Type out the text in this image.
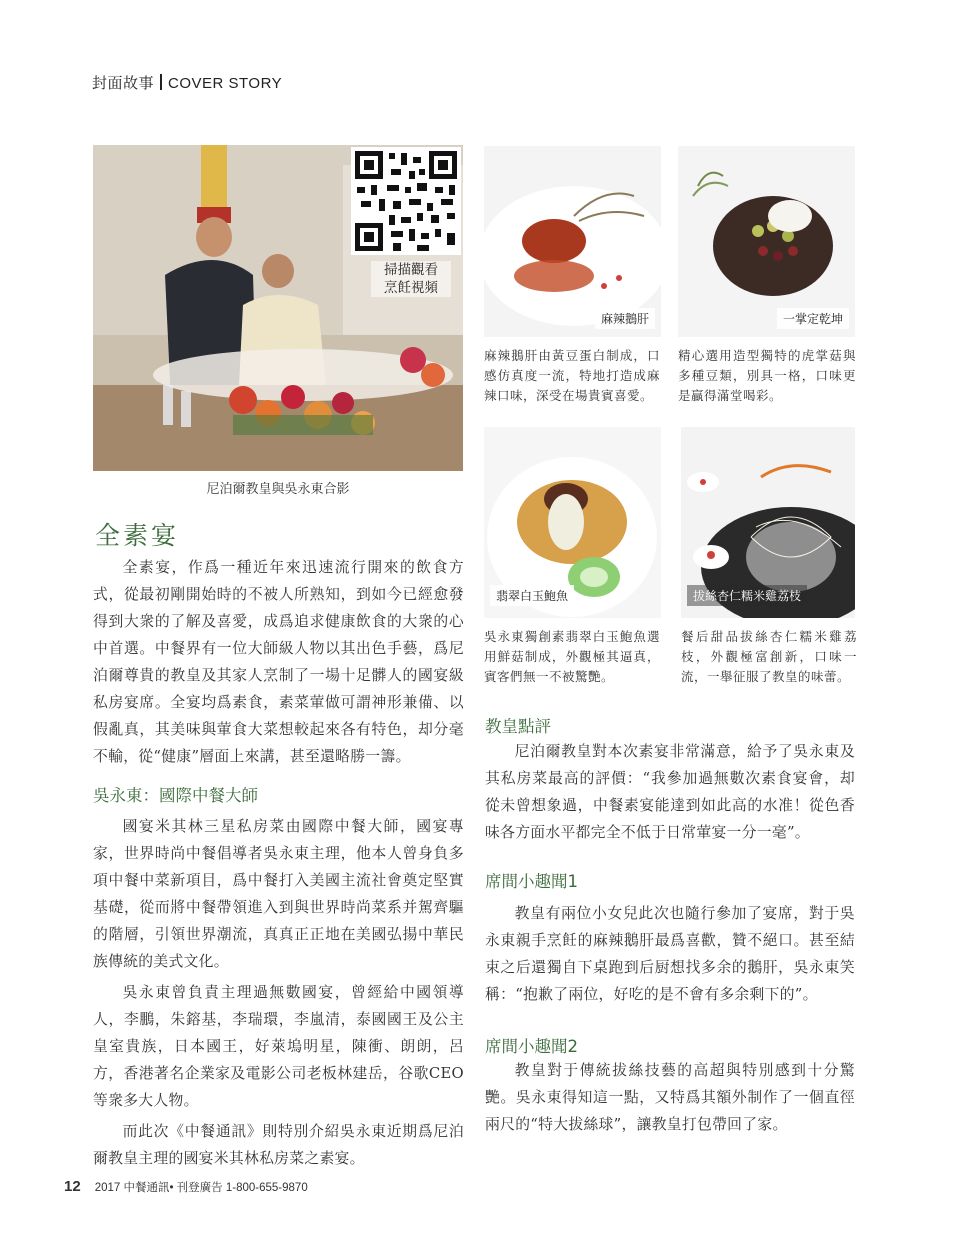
封面故事 COVER STORY
掃描觀看
烹飪視頻
尼泊爾教皇與吳永東合影
麻辣鵝肝
麻辣鵝肝由黃豆蛋白制成，口感仿真度一流，特地打造成麻辣口味，深受在場貴賓喜愛。
一掌定乾坤
精心選用造型獨特的虎掌菇與多種豆類，別具一格，口味更是贏得滿堂喝彩。
翡翠白玉鮑魚
吳永東獨創素翡翠白玉鮑魚選用鮮菇制成，外觀極其逼真，賓客們無一不被驚艷。
拔絲杏仁糯米雞荔枝
餐后甜品拔絲杏仁糯米雞荔枝，外觀極富創新，口味一流，一舉征服了教皇的味蕾。
全素宴

全素宴，作爲一種近年來迅速流行開來的飲食方式，從最初剛開始時的不被人所熟知，到如今已經愈發得到大衆的了解及喜愛，成爲追求健康飲食的大衆的心中首選。中餐界有一位大師級人物以其出色手藝，爲尼泊爾尊貴的教皇及其家人烹制了一場十足髒人的國宴級私房宴席。全宴均爲素食，素菜葷做可謂神形兼備、以假亂真，其美味與葷食大菜想較起來各有特色，却分毫不輸，從“健康”層面上來講，甚至還略勝一籌。

吳永東：國際中餐大師

國宴米其林三星私房菜由國際中餐大師，國宴專家，世界時尚中餐倡導者吳永東主理，他本人曾身負多項中餐中菜新項目，爲中餐打入美國主流社會奠定堅實基礎，從而將中餐帶領進入到與世界時尚菜系并駕齊驅的階層，引領世界潮流，真真正正地在美國弘揚中華民族傳統的美式文化。

吳永東曾負責主理過無數國宴，曾經給中國領導人，李鵬，朱鎔基，李瑞環，李嵐清，泰國國王及公主皇室貴族，日本國王，好萊塢明星，陳衝、朗朗，呂方，香港著名企業家及電影公司老板林建岳，谷歌CEO等衆多大人物。

而此次《中餐通訊》則特別介紹吳永東近期爲尼泊爾教皇主理的國宴米其林私房菜之素宴。

教皇點評

尼泊爾教皇對本次素宴非常滿意，給予了吳永東及其私房菜最高的評價：“我參加過無數次素食宴會，却從未曾想象過，中餐素宴能達到如此高的水准！從色香味各方面水平都完全不低于日常葷宴一分一毫”。

席間小趣聞1

教皇有兩位小女兒此次也隨行參加了宴席，對于吳永東親手烹飪的麻辣鵝肝最爲喜歡，贊不絕口。甚至結束之后還獨自下桌跑到后厨想找多余的鵝肝，吳永東笑稱：“抱歉了兩位，好吃的是不會有多余剩下的”。

席間小趣聞2

教皇對于傳統拔絲技藝的高超與特別感到十分驚艷。吳永東得知這一點，又特爲其額外制作了一個直徑兩尺的“特大拔絲球”，讓教皇打包帶回了家。

12 2017 中餐通訊• 刊登廣告 1-800-655-9870
